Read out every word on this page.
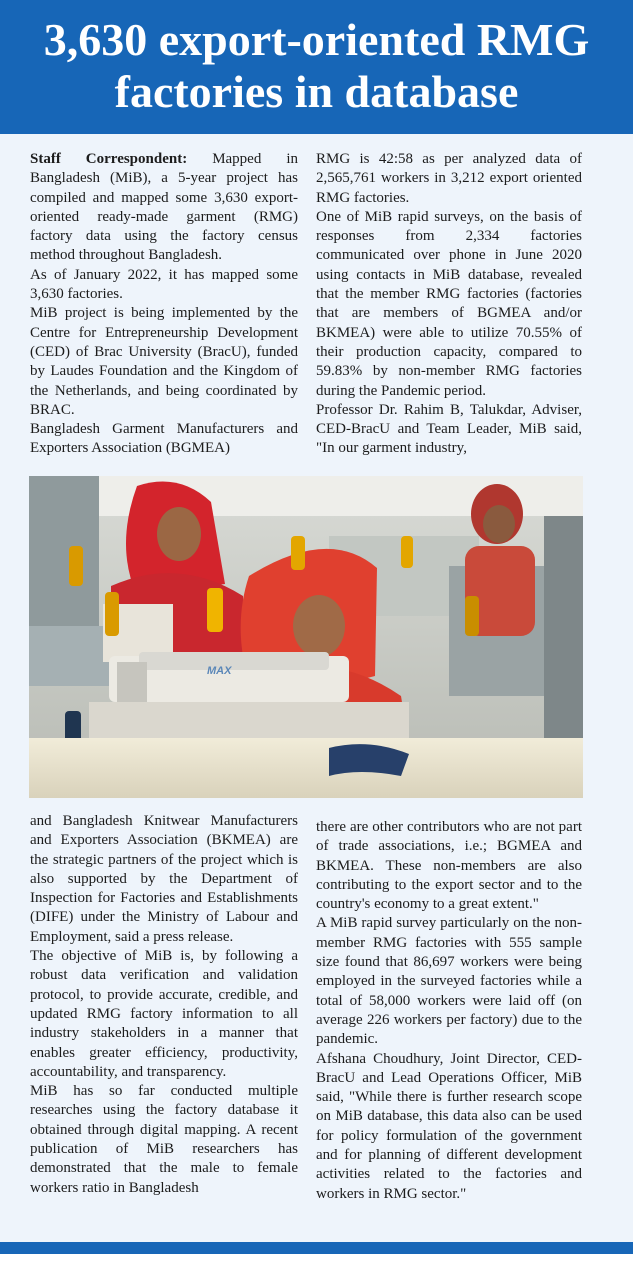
3,630 export-oriented RMG
factories in database

Staff Correspondent: Mapped in Bangladesh (MiB), a 5-year project has compiled and mapped some 3,630 export-oriented ready-made garment (RMG) factory data using the factory census method throughout Bangladesh.

As of January 2022, it has mapped some 3,630 factories.

MiB project is being implemented by the Centre for Entrepreneurship Development (CED) of Brac University (BracU), funded by Laudes Foundation and the Kingdom of the Netherlands, and being coordinated by BRAC.

Bangladesh Garment Manufacturers and Exporters Association (BGMEA)

RMG is 42:58 as per analyzed data of 2,565,761 workers in 3,212 export oriented RMG factories.

One of MiB rapid surveys, on the basis of responses from 2,334 factories communicated over phone in June 2020 using contacts in MiB database, revealed that the member RMG factories (factories that are members of BGMEA and/or BKMEA) were able to utilize 70.55% of their production capacity, compared to 59.83% by non-member RMG factories during the Pandemic period.

Professor Dr. Rahim B, Talukdar, Adviser, CED-BracU and Team Leader, MiB said, "In our garment industry,

MAX

and Bangladesh Knitwear Manufacturers and Exporters Association (BKMEA) are the strategic partners of the project which is also supported by the Department of Inspection for Factories and Establishments (DIFE) under the Ministry of Labour and Employment, said a press release.

The objective of MiB is, by following a robust data verification and validation protocol, to provide accurate, credible, and updated RMG factory information to all industry stakeholders in a manner that enables greater efficiency, productivity, accountability, and transparency.

MiB has so far conducted multiple researches using the factory database it obtained through digital mapping. A recent publication of MiB researchers has demonstrated that the male to female workers ratio in Bangladesh

there are other contributors who are not part of trade associations, i.e.; BGMEA and BKMEA. These non-members are also contributing to the export sector and to the country's economy to a great extent."

A MiB rapid survey particularly on the non-member RMG factories with 555 sample size found that 86,697 workers were being employed in the surveyed factories while a total of 58,000 workers were laid off (on average 226 workers per factory) due to the pandemic.

Afshana Choudhury, Joint Director, CED-BracU and Lead Operations Officer, MiB said, "While there is further research scope on MiB database, this data also can be used for policy formulation of the government and for planning of different development activities related to the factories and workers in RMG sector."
